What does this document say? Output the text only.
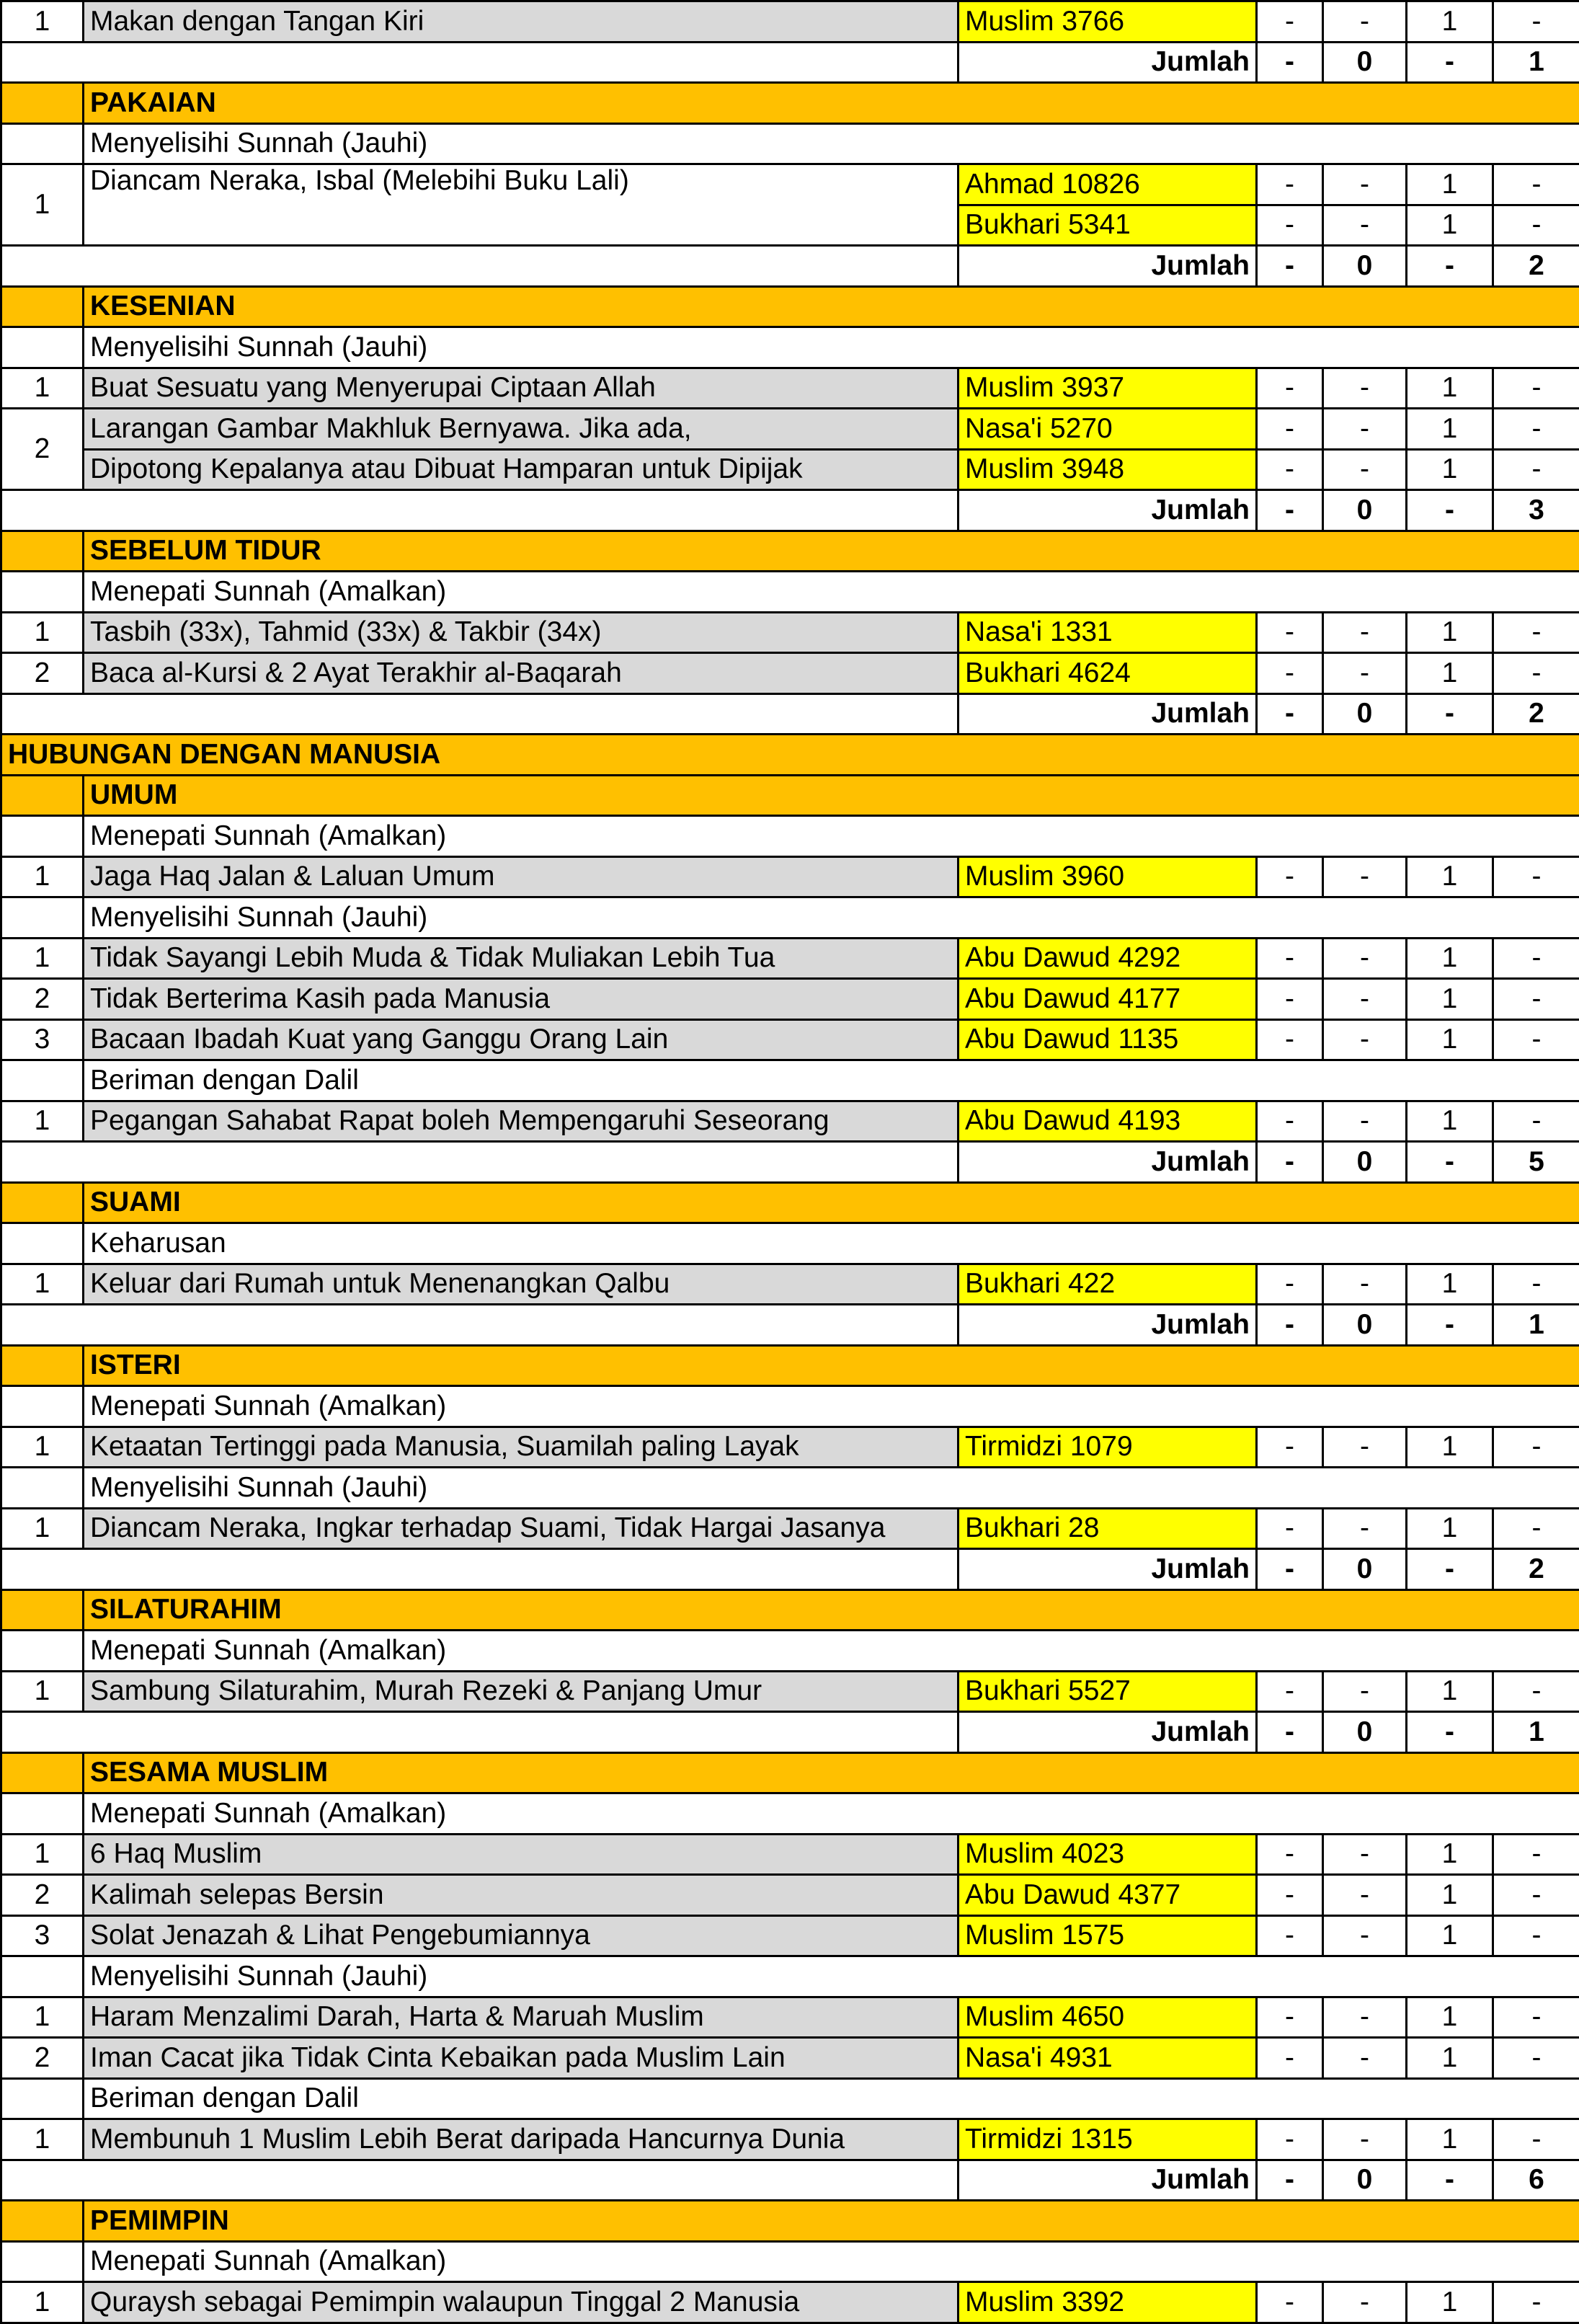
1	Makan dengan Tangan Kiri	Muslim 3766	-	-	1	-
		Jumlah	-	0	-	1
	PAKAIAN					
	Menyelisihi Sunnah (Jauhi)					
1	Diancam Neraka, Isbal (Melebihi Buku Lali)	Ahmad 10826	-	-	1	-
		Bukhari 5341	-	-	1	-
		Jumlah	-	0	-	2
	KESENIAN					
	Menyelisihi Sunnah (Jauhi)					
1	Buat Sesuatu yang Menyerupai Ciptaan Allah	Muslim 3937	-	-	1	-
2	Larangan Gambar Makhluk Bernyawa. Jika ada,	Nasa'i 5270	-	-	1	-
	Dipotong Kepalanya atau Dibuat Hamparan untuk Dipijak	Muslim 3948	-	-	1	-
		Jumlah	-	0	-	3
	SEBELUM TIDUR					
	Menepati Sunnah (Amalkan)					
1	Tasbih (33x), Tahmid (33x) & Takbir (34x)	Nasa'i 1331	-	-	1	-
2	Baca al-Kursi & 2 Ayat Terakhir al-Baqarah	Bukhari 4624	-	-	1	-
		Jumlah	-	0	-	2
HUBUNGAN DENGAN MANUSIA						
	UMUM					
	Menepati Sunnah (Amalkan)					
1	Jaga Haq Jalan & Laluan Umum	Muslim 3960	-	-	1	-
	Menyelisihi Sunnah (Jauhi)					
1	Tidak Sayangi Lebih Muda & Tidak Muliakan Lebih Tua	Abu Dawud 4292	-	-	1	-
2	Tidak Berterima Kasih pada Manusia	Abu Dawud 4177	-	-	1	-
3	Bacaan Ibadah Kuat yang Ganggu Orang Lain	Abu Dawud 1135	-	-	1	-
	Beriman dengan Dalil					
1	Pegangan Sahabat Rapat boleh Mempengaruhi Seseorang	Abu Dawud 4193	-	-	1	-
		Jumlah	-	0	-	5
	SUAMI					
	Keharusan					
1	Keluar dari Rumah untuk Menenangkan Qalbu	Bukhari 422	-	-	1	-
		Jumlah	-	0	-	1
	ISTERI					
	Menepati Sunnah (Amalkan)					
1	Ketaatan Tertinggi pada Manusia, Suamilah paling Layak	Tirmidzi 1079	-	-	1	-
	Menyelisihi Sunnah (Jauhi)					
1	Diancam Neraka, Ingkar terhadap Suami, Tidak Hargai Jasanya	Bukhari 28	-	-	1	-
		Jumlah	-	0	-	2
	SILATURAHIM					
	Menepati Sunnah (Amalkan)					
1	Sambung Silaturahim, Murah Rezeki & Panjang Umur	Bukhari 5527	-	-	1	-
		Jumlah	-	0	-	1
	SESAMA MUSLIM					
	Menepati Sunnah (Amalkan)					
1	6 Haq Muslim	Muslim 4023	-	-	1	-
2	Kalimah selepas Bersin	Abu Dawud 4377	-	-	1	-
3	Solat Jenazah & Lihat Pengebumiannya	Muslim 1575	-	-	1	-
	Menyelisihi Sunnah (Jauhi)					
1	Haram Menzalimi Darah, Harta & Maruah Muslim	Muslim 4650	-	-	1	-
2	Iman Cacat jika Tidak Cinta Kebaikan pada Muslim Lain	Nasa'i 4931	-	-	1	-
	Beriman dengan Dalil					
1	Membunuh 1 Muslim Lebih Berat daripada Hancurnya Dunia	Tirmidzi 1315	-	-	1	-
		Jumlah	-	0	-	6
	PEMIMPIN					
	Menepati Sunnah (Amalkan)					
1	Quraysh sebagai Pemimpin walaupun Tinggal 2 Manusia	Muslim 3392	-	-	1	-
